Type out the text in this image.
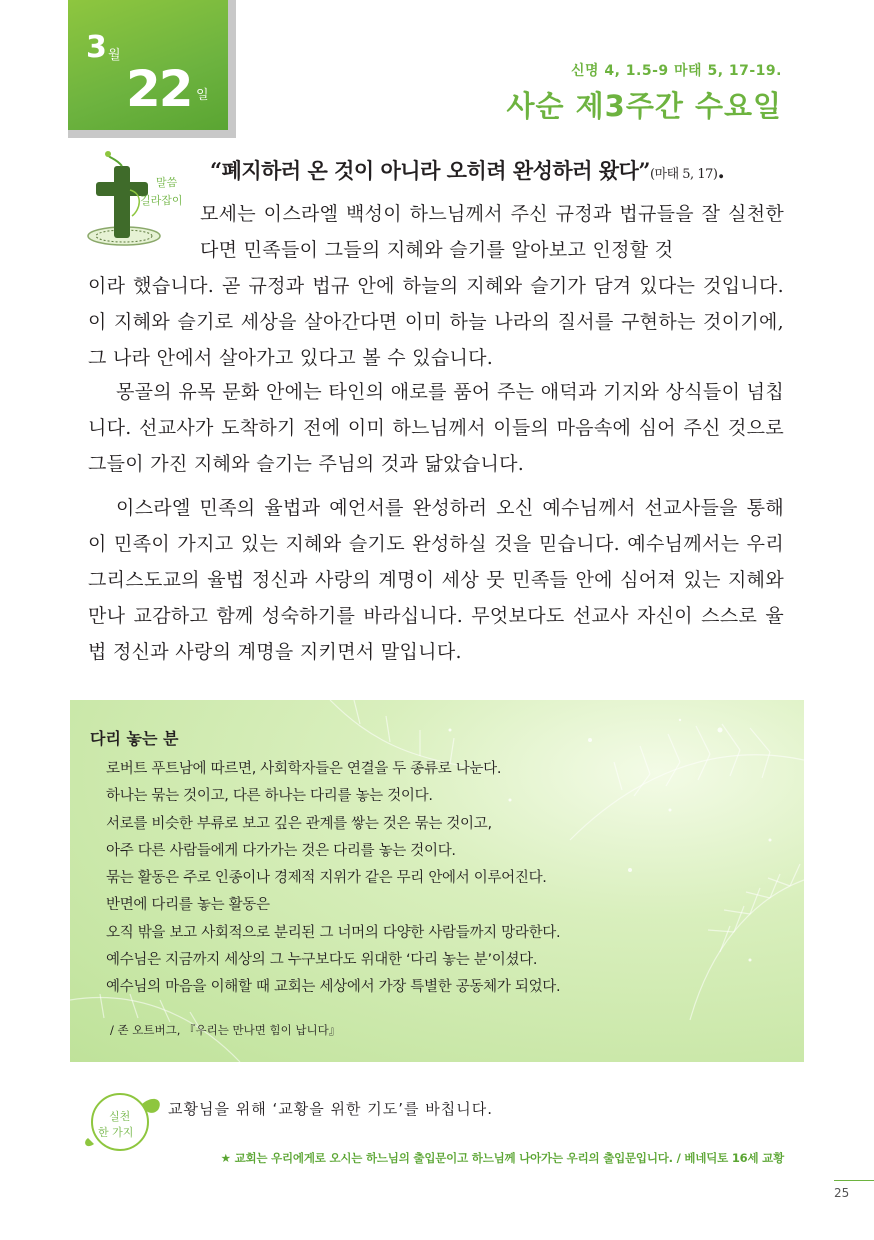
3 월
22 일
신명 4, 1.5-9 마태 5, 17-19.
사순 제3주간 수요일
말씀
길라잡이
“폐지하러 온 것이 아니라 오히려 완성하러 왔다”(마태 5, 17).
모세는 이스라엘 백성이 하느님께서 주신 규정과 법규들을 잘 실천한다면 민족들이 그들의 지혜와 슬기를 알아보고 인정할 것
이라 했습니다. 곧 규정과 법규 안에 하늘의 지혜와 슬기가 담겨 있다는 것입니다. 이 지혜와 슬기로 세상을 살아간다면 이미 하늘 나라의 질서를 구현하는 것이기에, 그 나라 안에서 살아가고 있다고 볼 수 있습니다.
몽골의 유목 문화 안에는 타인의 애로를 품어 주는 애덕과 기지와 상식들이 넘칩니다. 선교사가 도착하기 전에 이미 하느님께서 이들의 마음속에 심어 주신 것으로 그들이 가진 지혜와 슬기는 주님의 것과 닮았습니다.
이스라엘 민족의 율법과 예언서를 완성하러 오신 예수님께서 선교사들을 통해 이 민족이 가지고 있는 지혜와 슬기도 완성하실 것을 믿습니다. 예수님께서는 우리 그리스도교의 율법 정신과 사랑의 계명이 세상 뭇 민족들 안에 심어져 있는 지혜와 만나 교감하고 함께 성숙하기를 바라십니다. 무엇보다도 선교사 자신이 스스로 율법 정신과 사랑의 계명을 지키면서 말입니다.
다리 놓는 분
로버트 푸트남에 따르면, 사회학자들은 연결을 두 종류로 나눈다.
하나는 묶는 것이고, 다른 하나는 다리를 놓는 것이다.
서로를 비슷한 부류로 보고 깊은 관계를 쌓는 것은 묶는 것이고,
아주 다른 사람들에게 다가가는 것은 다리를 놓는 것이다.
묶는 활동은 주로 인종이나 경제적 지위가 같은 무리 안에서 이루어진다.
반면에 다리를 놓는 활동은
오직 밖을 보고 사회적으로 분리된 그 너머의 다양한 사람들까지 망라한다.
예수님은 지금까지 세상의 그 누구보다도 위대한 ‘다리 놓는 분’이셨다.
예수님의 마음을 이해할 때 교회는 세상에서 가장 특별한 공동체가 되었다.
/ 존 오트버그, 『우리는 만나면 힘이 납니다』
실천
한 가지
교황님을 위해 ‘교황을 위한 기도’를 바칩니다.
★ 교회는 우리에게로 오시는 하느님의 출입문이고 하느님께 나아가는 우리의 출입문입니다. / 베네딕토 16세 교황
25
